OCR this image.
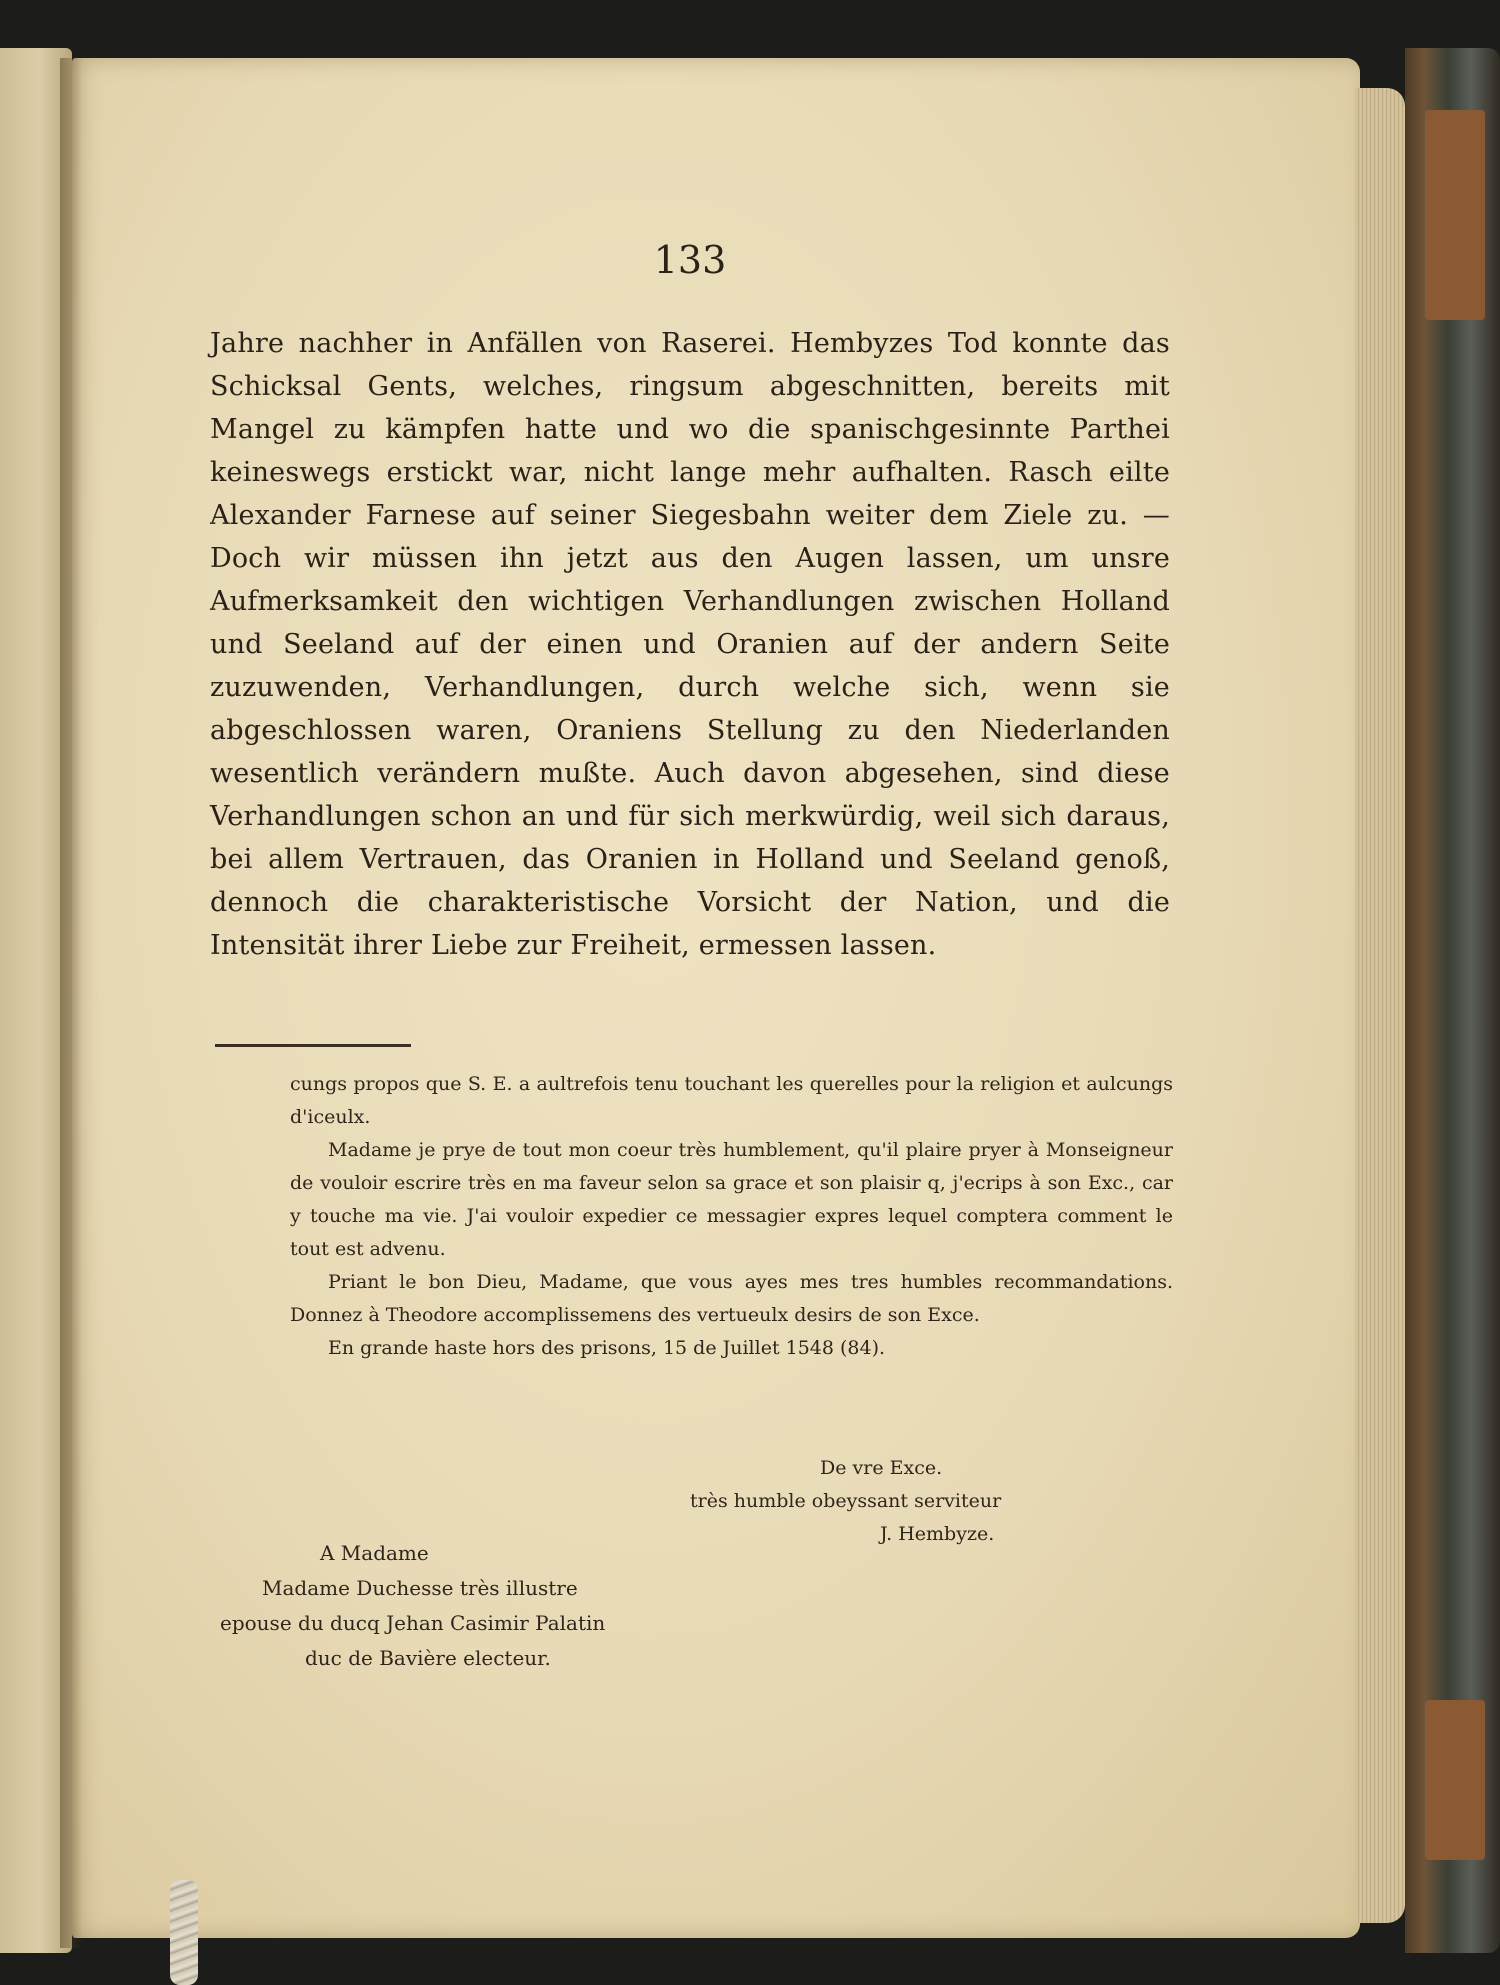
133

Jahre nachher in Anfällen von Raserei. Hembyzes Tod konnte das Schicksal Gents, welches, ringsum abgeschnitten, bereits mit Mangel zu kämpfen hatte und wo die spanischgesinnte Parthei keineswegs erstickt war, nicht lange mehr aufhalten. Rasch eilte Alexander Farnese auf seiner Siegesbahn weiter dem Ziele zu. — Doch wir müssen ihn jetzt aus den Augen lassen, um unsre Aufmerksamkeit den wichtigen Verhandlungen zwischen Holland und Seeland auf der einen und Oranien auf der andern Seite zuzuwenden, Verhandlungen, durch welche sich, wenn sie abgeschlossen waren, Oraniens Stellung zu den Niederlanden wesentlich verändern mußte. Auch davon abgesehen, sind diese Verhandlungen schon an und für sich merkwürdig, weil sich daraus, bei allem Vertrauen, das Oranien in Holland und Seeland genoß, dennoch die charakteristische Vorsicht der Nation, und die Intensität ihrer Liebe zur Freiheit, ermessen lassen.

cungs propos que S. E. a aultrefois tenu touchant les querelles pour la religion et aulcungs d'iceulx.

Madame je prye de tout mon coeur très humblement, qu'il plaire pryer à Monseigneur de vouloir escrire très en ma faveur selon sa grace et son plaisir q, j'ecrips à son Exc., car y touche ma vie. J'ai vouloir expedier ce messagier expres lequel comptera comment le tout est advenu.

Priant le bon Dieu, Madame, que vous ayes mes tres humbles recommandations. Donnez à Theodore accomplissemens des vertueulx desirs de son Exce.

En grande haste hors des prisons, 15 de Juillet 1548 (84).

De vre Exce.
très humble obeyssant serviteur
J. Hembyze.
A Madame
Madame Duchesse très illustre
epouse du ducq Jehan Casimir Palatin
duc de Bavière electeur.
